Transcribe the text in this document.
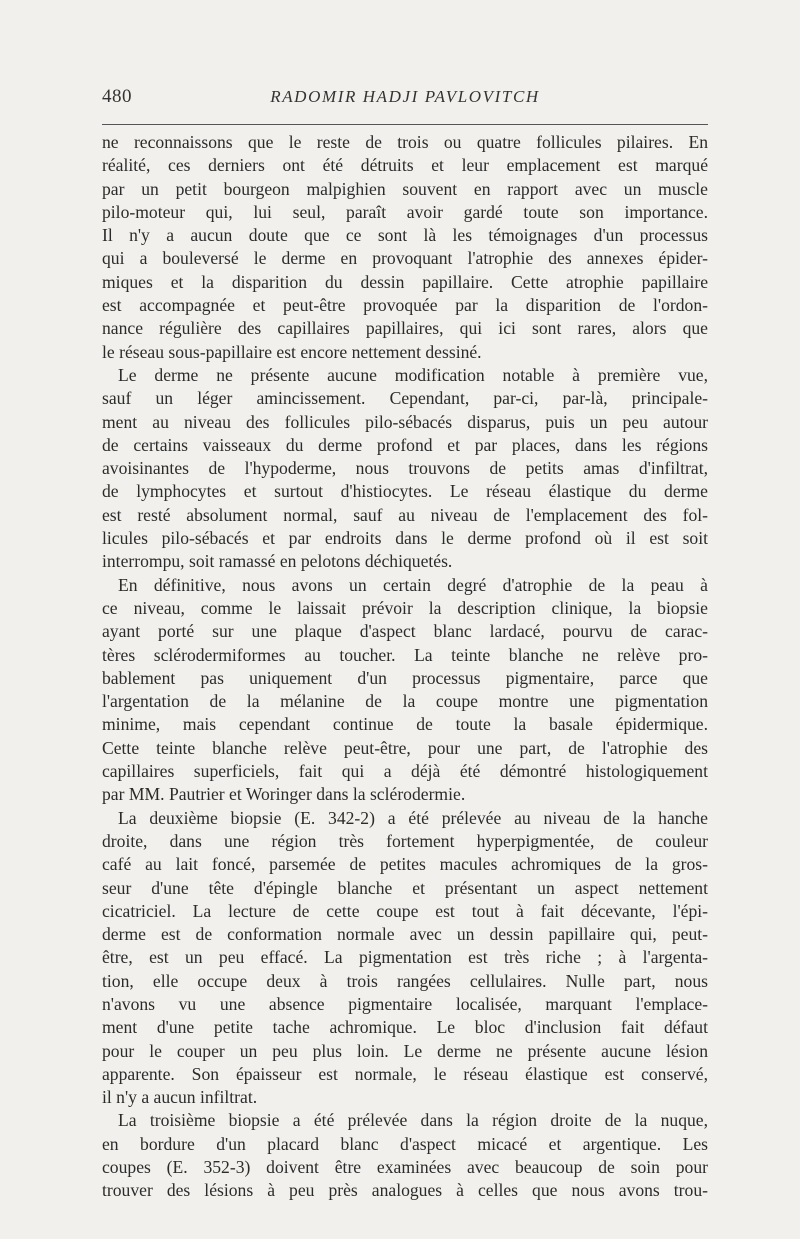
480	RADOMIR HADJI PAVLOVITCH
ne reconnaissons que le reste de trois ou quatre follicules pilaires. En
réalité, ces derniers ont été détruits et leur emplacement est marqué
par un petit bourgeon malpighien souvent en rapport avec un muscle
pilo-moteur qui, lui seul, paraît avoir gardé toute son importance.
Il n'y a aucun doute que ce sont là les témoignages d'un processus
qui a bouleversé le derme en provoquant l'atrophie des annexes épider-
miques et la disparition du dessin papillaire. Cette atrophie papillaire
est accompagnée et peut-être provoquée par la disparition de l'ordon-
nance régulière des capillaires papillaires, qui ici sont rares, alors que
le réseau sous-papillaire est encore nettement dessiné.
Le derme ne présente aucune modification notable à première vue,
sauf un léger amincissement. Cependant, par-ci, par-là, principale-
ment au niveau des follicules pilo-sébacés disparus, puis un peu autour
de certains vaisseaux du derme profond et par places, dans les régions
avoisinantes de l'hypoderme, nous trouvons de petits amas d'infiltrat,
de lymphocytes et surtout d'histiocytes. Le réseau élastique du derme
est resté absolument normal, sauf au niveau de l'emplacement des fol-
licules pilo-sébacés et par endroits dans le derme profond où il est soit
interrompu, soit ramassé en pelotons déchiquetés.
En définitive, nous avons un certain degré d'atrophie de la peau à
ce niveau, comme le laissait prévoir la description clinique, la biopsie
ayant porté sur une plaque d'aspect blanc lardacé, pourvu de carac-
tères sclérodermiformes au toucher. La teinte blanche ne relève pro-
bablement pas uniquement d'un processus pigmentaire, parce que
l'argentation de la mélanine de la coupe montre une pigmentation
minime, mais cependant continue de toute la basale épidermique.
Cette teinte blanche relève peut-être, pour une part, de l'atrophie des
capillaires superficiels, fait qui a déjà été démontré histologiquement
par MM. Pautrier et Woringer dans la sclérodermie.
La deuxième biopsie (E. 342-2) a été prélevée au niveau de la hanche
droite, dans une région très fortement hyperpigmentée, de couleur
café au lait foncé, parsemée de petites macules achromiques de la gros-
seur d'une tête d'épingle blanche et présentant un aspect nettement
cicatriciel. La lecture de cette coupe est tout à fait décevante, l'épi-
derme est de conformation normale avec un dessin papillaire qui, peut-
être, est un peu effacé. La pigmentation est très riche ; à l'argenta-
tion, elle occupe deux à trois rangées cellulaires. Nulle part, nous
n'avons vu une absence pigmentaire localisée, marquant l'emplace-
ment d'une petite tache achromique. Le bloc d'inclusion fait défaut
pour le couper un peu plus loin. Le derme ne présente aucune lésion
apparente. Son épaisseur est normale, le réseau élastique est conservé,
il n'y a aucun infiltrat.
La troisième biopsie a été prélevée dans la région droite de la nuque,
en bordure d'un placard blanc d'aspect micacé et argentique. Les
coupes (E. 352-3) doivent être examinées avec beaucoup de soin pour
trouver des lésions à peu près analogues à celles que nous avons trou-
